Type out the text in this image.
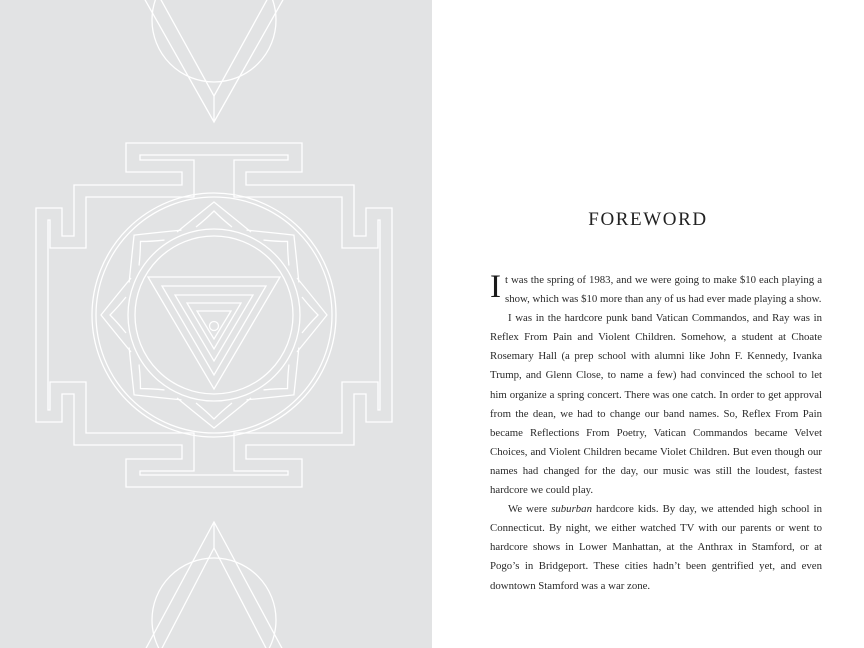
FOREWORD

It was the spring of 1983, and we were going to make $10 each playing a show, which was $10 more than any of us had ever made playing a show.

I was in the hardcore punk band Vatican Commandos, and Ray was in Reflex From Pain and Violent Children. Somehow, a student at Choate Rosemary Hall (a prep school with alumni like John F. Kennedy, Ivanka Trump, and Glenn Close, to name a few) had convinced the school to let him organize a spring concert. There was one catch. In order to get approval from the dean, we had to change our band names. So, Reflex From Pain became Reflections From Poetry, Vatican Commandos became Velvet Choices, and Violent Children became Violet Children. But even though our names had changed for the day, our music was still the loudest, fastest hardcore we could play.

We were suburban hardcore kids. By day, we attended high school in Connecticut. By night, we either watched TV with our parents or went to hardcore shows in Lower Manhattan, at the Anthrax in Stamford, or at Pogo’s in Bridgeport. These cities hadn’t been gentrified yet, and even downtown Stamford was a war zone.
